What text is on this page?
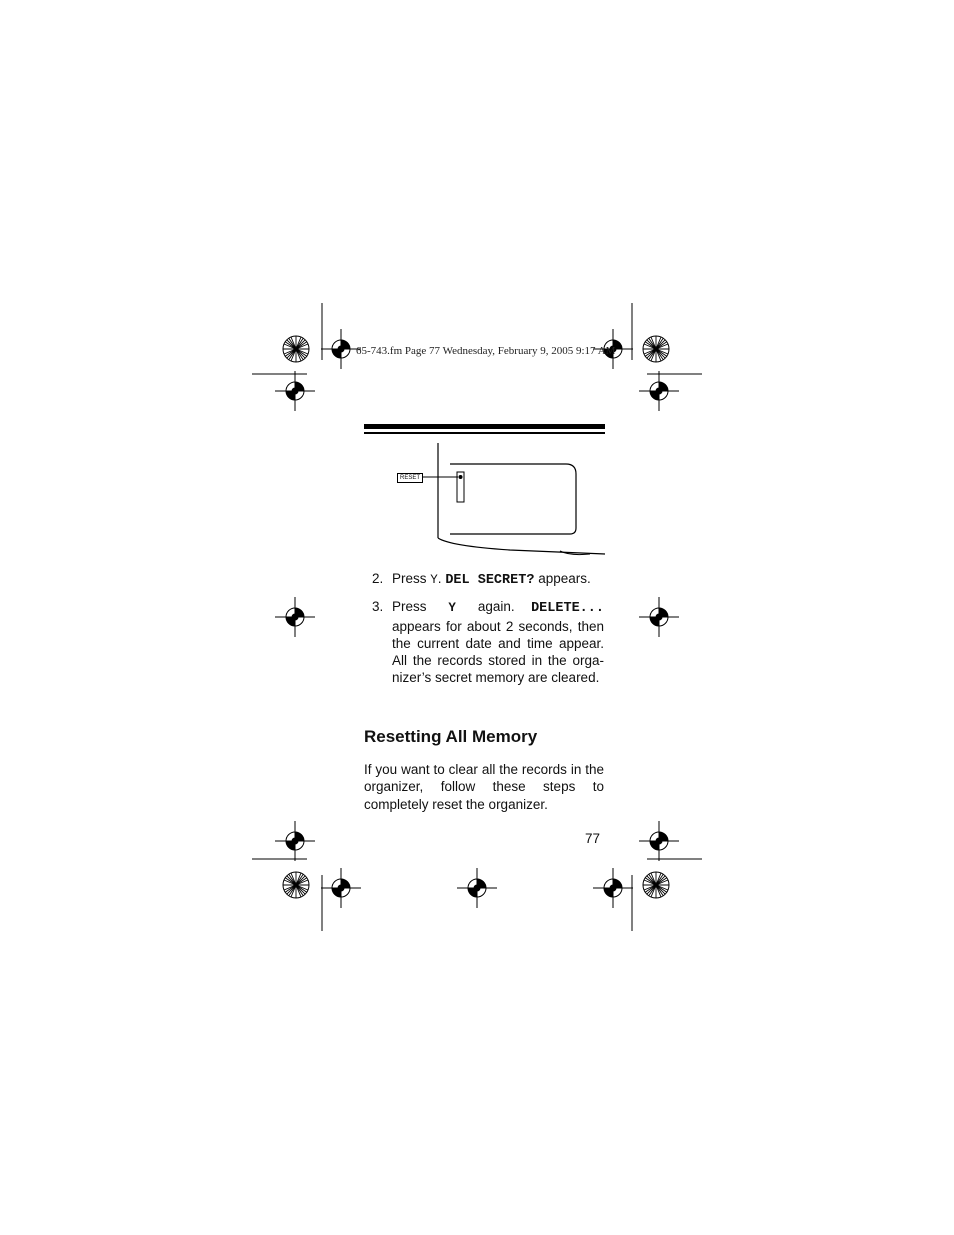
65-743.fm Page 77 Wednesday, February 9, 2005 9:17 AM
RESET
2. Press Y. DEL SECRET? appears.
3. Press Y again. DELETE... appears for about 2 seconds, then the current date and time appear. All the records stored in the orga-nizer’s secret memory are cleared.
Resetting All Memory

If you want to clear all the records in the organizer, follow these steps to completely reset the organizer.

77
